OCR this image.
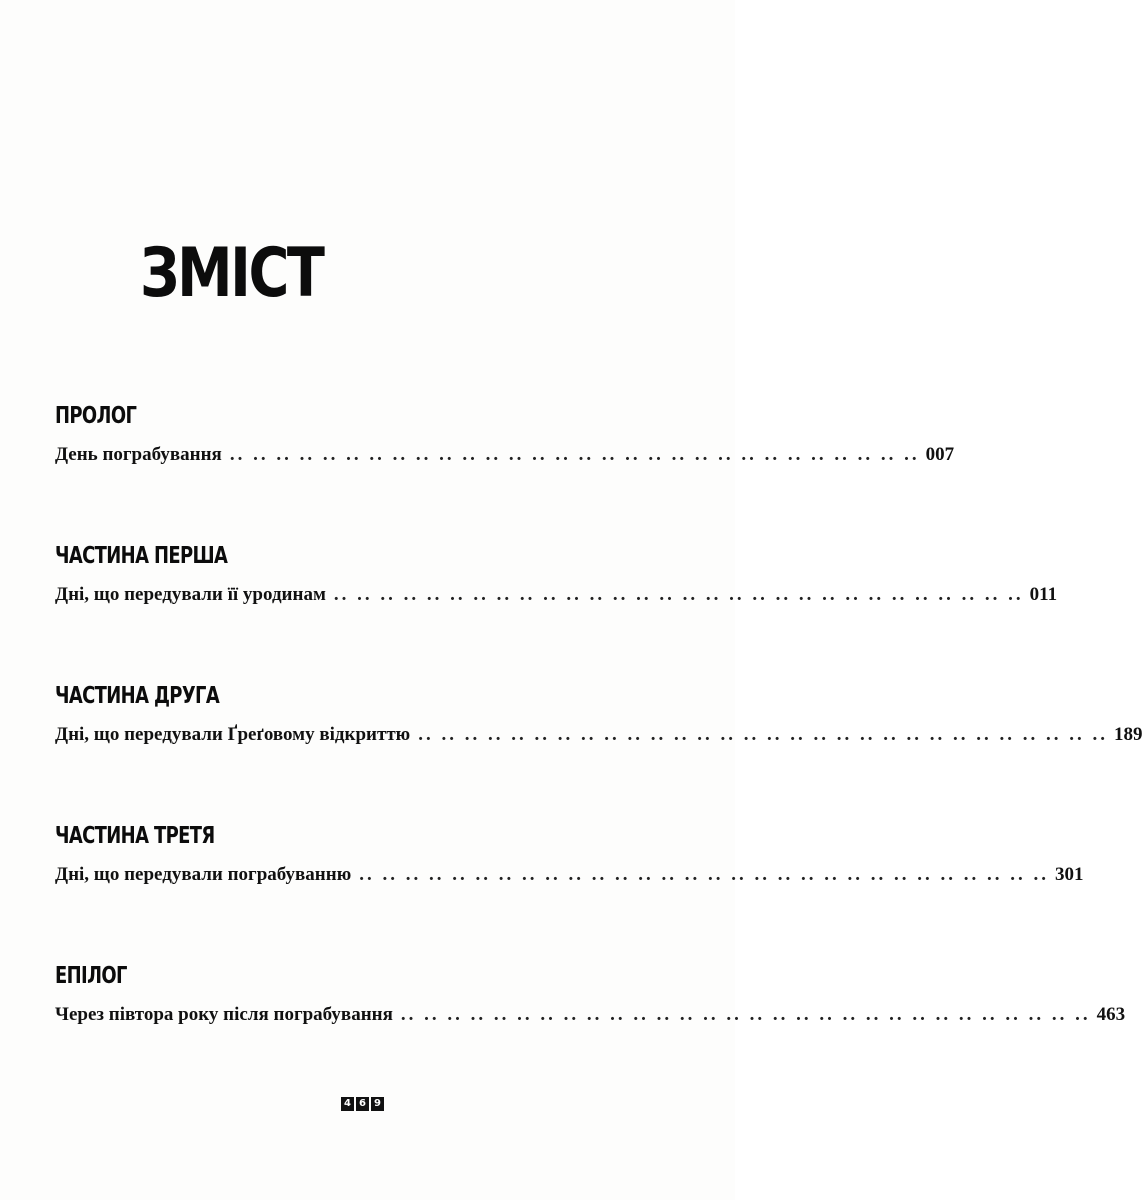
ЗМІСТ
ПРОЛОГ
День пограбування .. .. .. .. .. .. .. .. .. .. .. .. .. .. .. .. .. .. .. .. .. .. .. .. .. .. .. .. .. .. 007
ЧАСТИНА ПЕРША
Дні, що передували її уродинам .. .. .. .. .. .. .. .. .. .. .. .. .. .. .. .. .. .. .. .. .. .. .. .. .. .. .. .. .. .. 011
ЧАСТИНА ДРУГА
Дні, що передували Ґреґовому відкриттю .. .. .. .. .. .. .. .. .. .. .. .. .. .. .. .. .. .. .. .. .. .. .. .. .. .. .. .. .. .. 189
ЧАСТИНА ТРЕТЯ
Дні, що передували пограбуванню .. .. .. .. .. .. .. .. .. .. .. .. .. .. .. .. .. .. .. .. .. .. .. .. .. .. .. .. .. .. 301
ЕПІЛОГ
Через півтора року після пограбування .. .. .. .. .. .. .. .. .. .. .. .. .. .. .. .. .. .. .. .. .. .. .. .. .. .. .. .. .. .. 463
4 6 9
